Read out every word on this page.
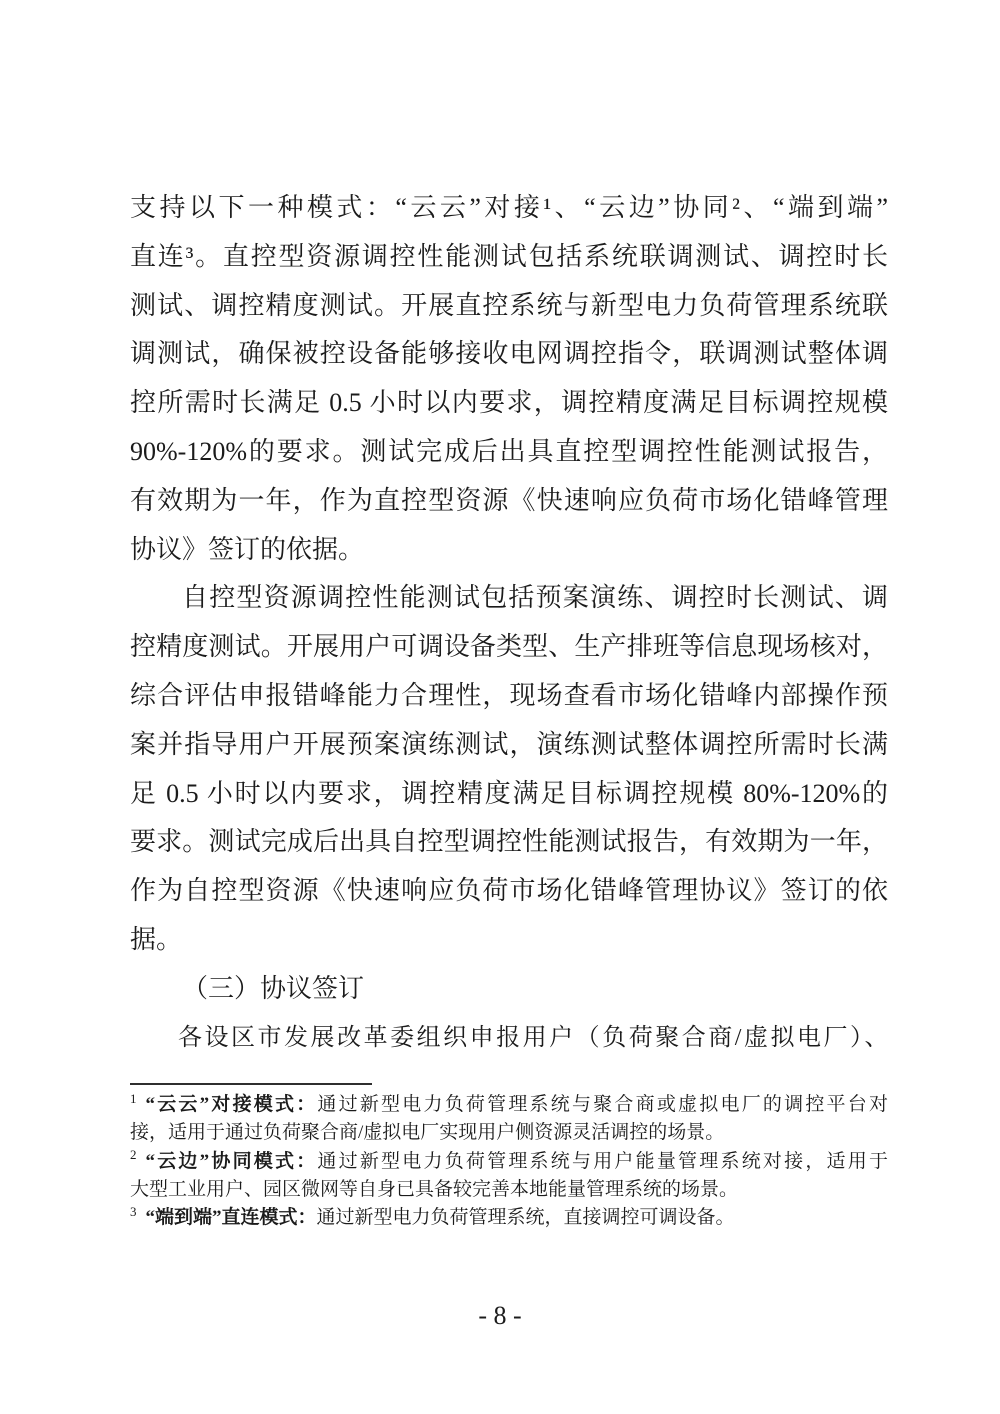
支持以下一种模式：“云云”对接¹、“云边”协同²、“端到端”
直连³。直控型资源调控性能测试包括系统联调测试、调控时长
测试、调控精度测试。开展直控系统与新型电力负荷管理系统联
调测试，确保被控设备能够接收电网调控指令，联调测试整体调
控所需时长满足 0.5 小时以内要求，调控精度满足目标调控规模
90%-120%的要求。测试完成后出具直控型调控性能测试报告，
有效期为一年，作为直控型资源《快速响应负荷市场化错峰管理
协议》签订的依据。
自控型资源调控性能测试包括预案演练、调控时长测试、调
控精度测试。开展用户可调设备类型、生产排班等信息现场核对，
综合评估申报错峰能力合理性，现场查看市场化错峰内部操作预
案并指导用户开展预案演练测试，演练测试整体调控所需时长满
足 0.5 小时以内要求，调控精度满足目标调控规模 80%-120%的
要求。测试完成后出具自控型调控性能测试报告，有效期为一年，
作为自控型资源《快速响应负荷市场化错峰管理协议》签订的依
据。
（三）协议签订
各设区市发展改革委组织申报用户（负荷聚合商/虚拟电厂）、
$^1$ “云云”对接模式：通过新型电力负荷管理系统与聚合商或虚拟电厂的调控平台对
接，适用于通过负荷聚合商/虚拟电厂实现用户侧资源灵活调控的场景。
$^2$ “云边”协同模式：通过新型电力负荷管理系统与用户能量管理系统对接，适用于
大型工业用户、园区微网等自身已具备较完善本地能量管理系统的场景。
$^3$ “端到端”直连模式：通过新型电力负荷管理系统，直接调控可调设备。
- 8 -
